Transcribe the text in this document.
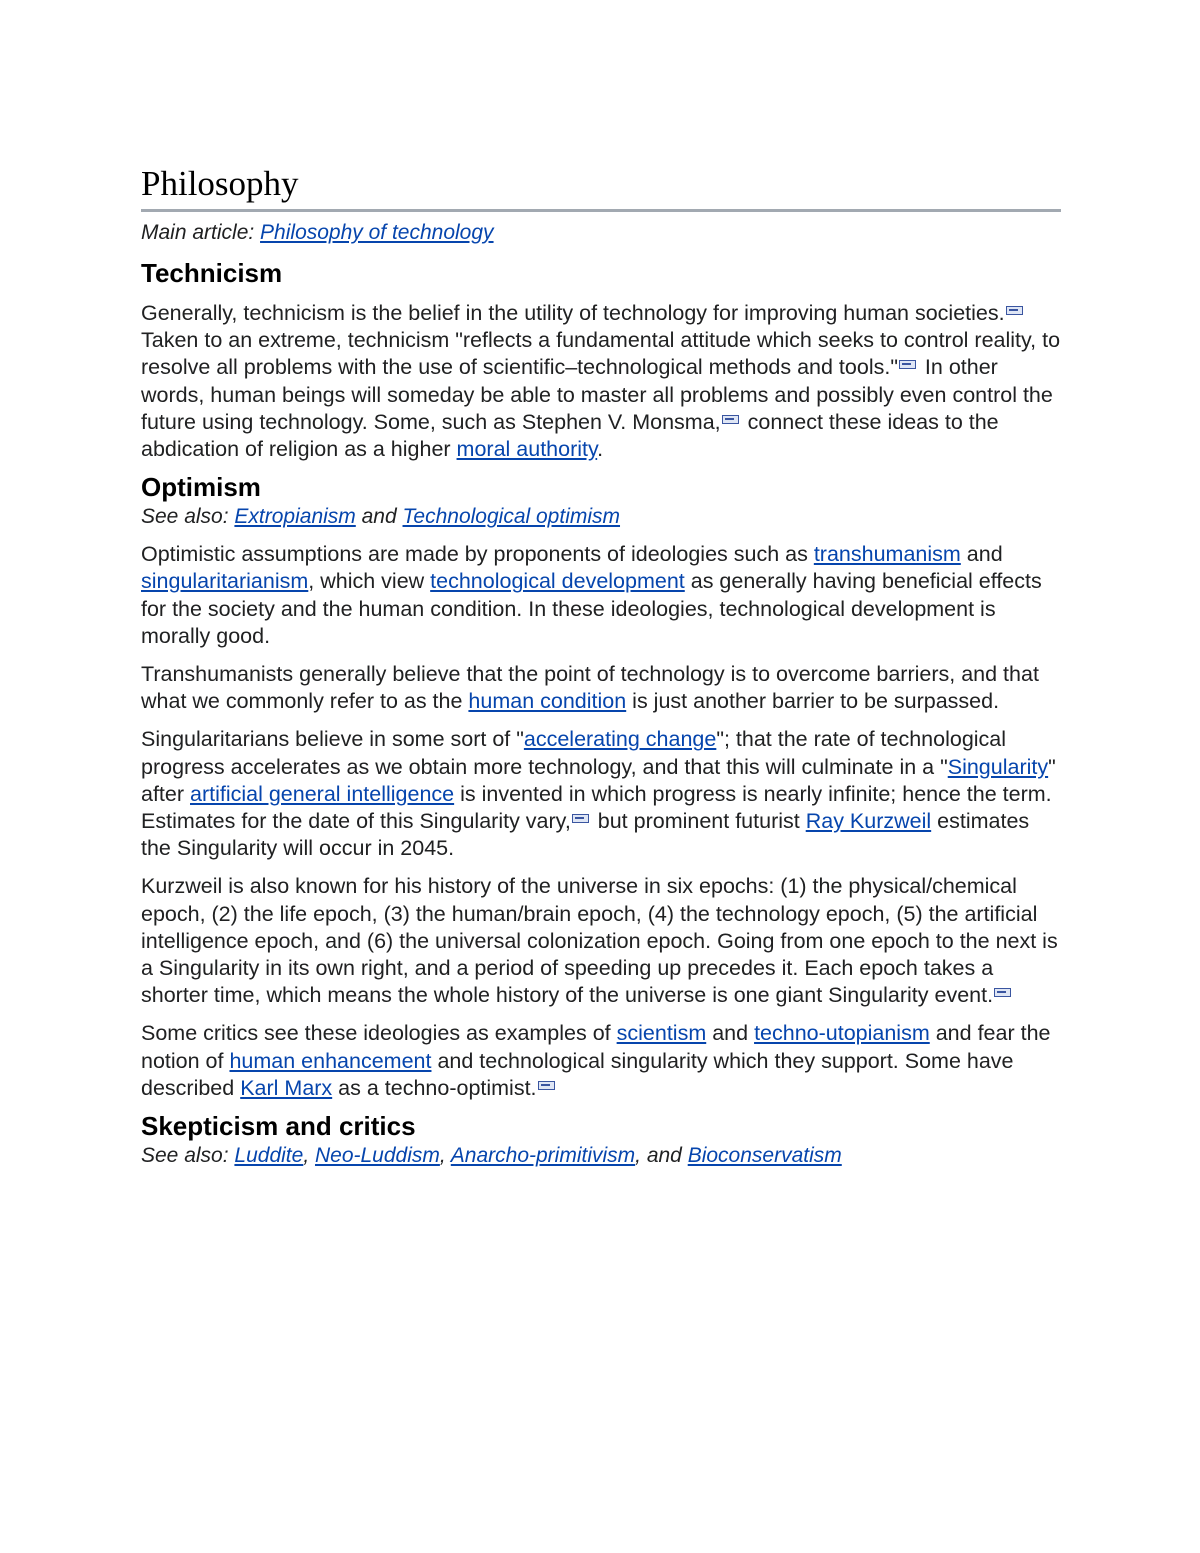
Philosophy
Main article: Philosophy of technology
Technicism

Generally, technicism is the belief in the utility of technology for improving human societies. Taken to an extreme, technicism "reflects a fundamental attitude which seeks to control reality, to resolve all problems with the use of scientific–technological methods and tools." In other words, human beings will someday be able to master all problems and possibly even control the future using technology. Some, such as Stephen V. Monsma, connect these ideas to the abdication of religion as a higher moral authority.

Optimism
See also: Extropianism and Technological optimism

Optimistic assumptions are made by proponents of ideologies such as transhumanism and singularitarianism, which view technological development as generally having beneficial effects for the society and the human condition. In these ideologies, technological development is morally good.

Transhumanists generally believe that the point of technology is to overcome barriers, and that what we commonly refer to as the human condition is just another barrier to be surpassed.

Singularitarians believe in some sort of "accelerating change"; that the rate of technological progress accelerates as we obtain more technology, and that this will culminate in a "Singularity" after artificial general intelligence is invented in which progress is nearly infinite; hence the term. Estimates for the date of this Singularity vary, but prominent futurist Ray Kurzweil estimates the Singularity will occur in 2045.

Kurzweil is also known for his history of the universe in six epochs: (1) the physical/chemical epoch, (2) the life epoch, (3) the human/brain epoch, (4) the technology epoch, (5) the artificial intelligence epoch, and (6) the universal colonization epoch. Going from one epoch to the next is a Singularity in its own right, and a period of speeding up precedes it. Each epoch takes a shorter time, which means the whole history of the universe is one giant Singularity event.

Some critics see these ideologies as examples of scientism and techno-utopianism and fear the notion of human enhancement and technological singularity which they support. Some have described Karl Marx as a techno-optimist.

Skepticism and critics
See also: Luddite, Neo-Luddism, Anarcho-primitivism, and Bioconservatism
